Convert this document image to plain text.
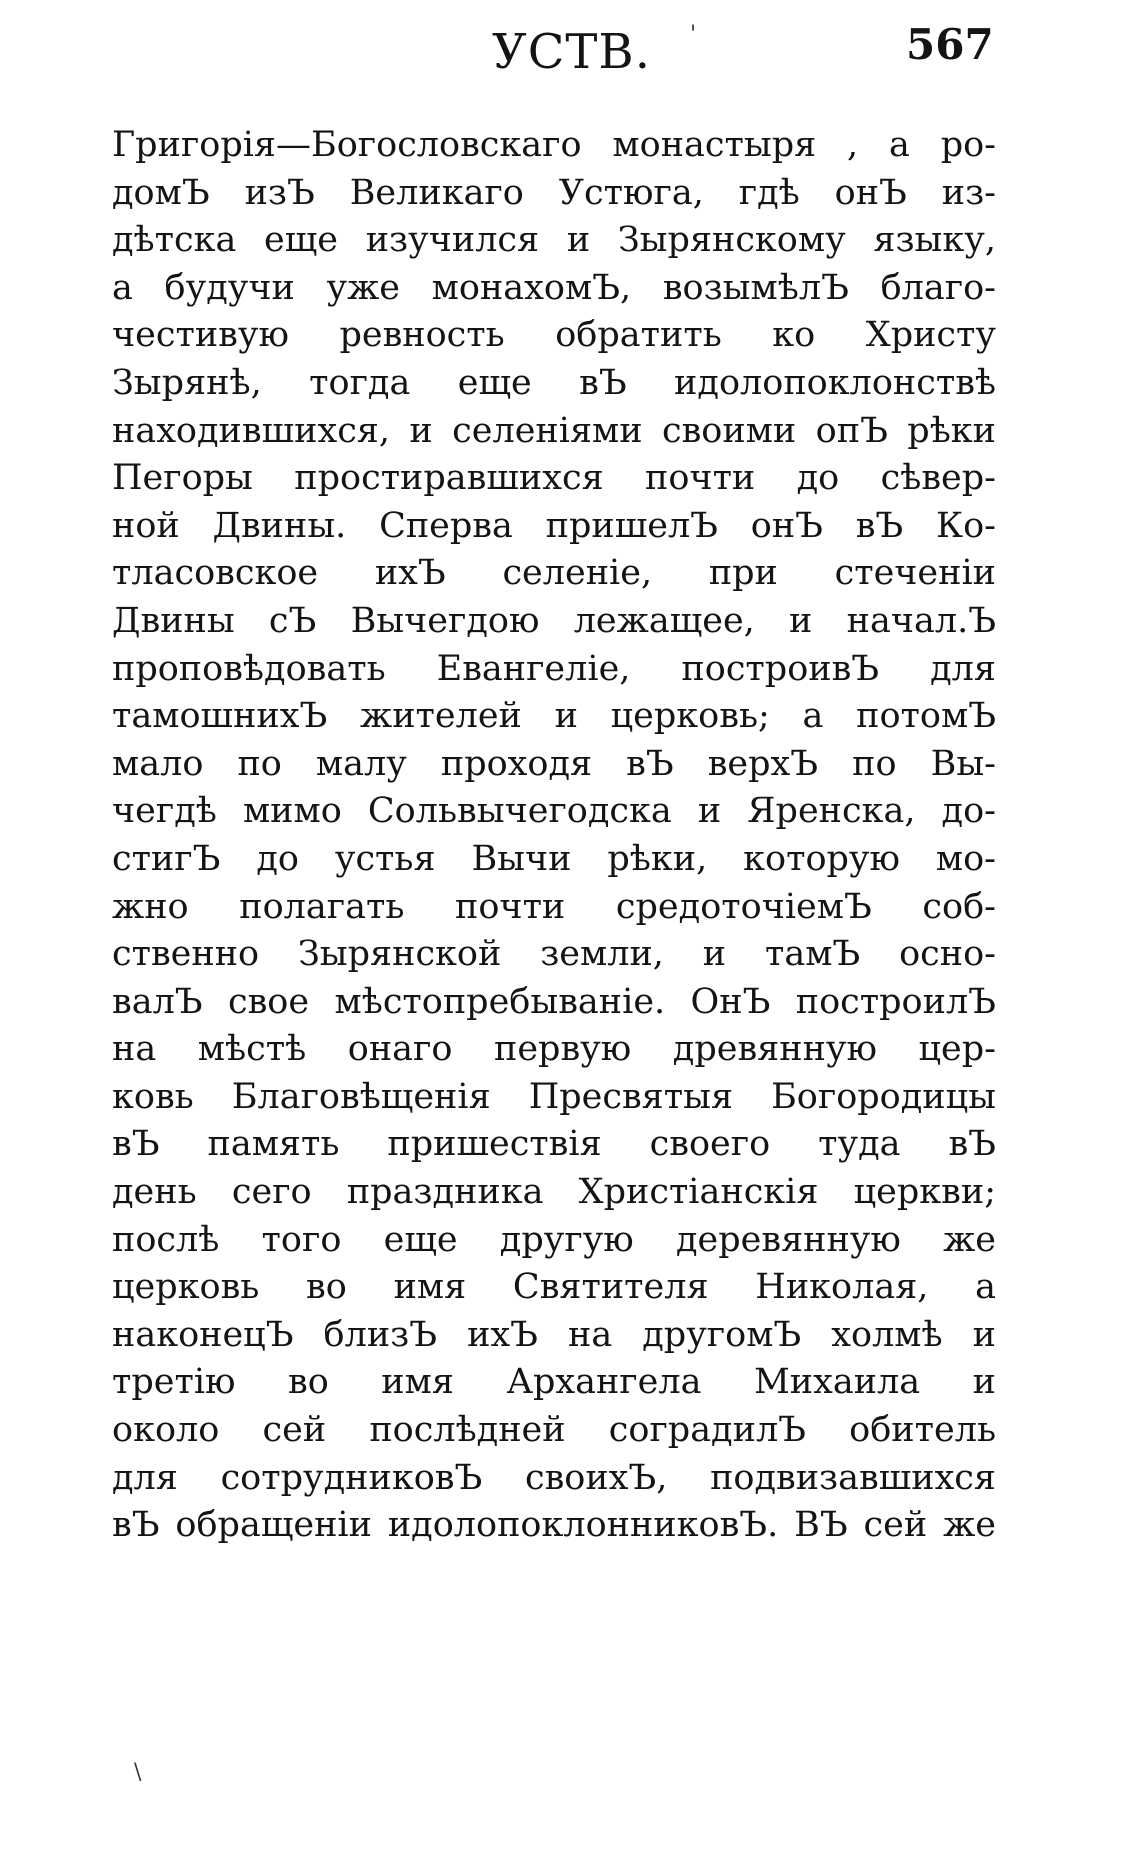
УСТВ.	567
Григорія—Богословскаго монастыря , а ро-
домЪ изЪ Великаго Устюга, гдѣ онЪ из-
дѣтска еще изучился и Зырянскому языку,
а будучи уже монахомЪ, возымѣлЪ благо-
честивую ревность обратить ко Христу
Зырянѣ, тогда еще вЪ идолопоклонствѣ
находившихся, и селеніями своими опЪ рѣки
Пегоры простиравшихся почти до сѣвер-
ной Двины. Сперва пришелЪ онЪ вЪ Ко-
тласовское ихЪ селеніе, при стеченіи
Двины сЪ Вычегдою лежащее, и начал.Ъ
проповѣдовать Евангеліе, построивЪ для
тамошнихЪ жителей и церковь; а потомЪ
мало по малу проходя вЪ верхЪ по Вы-
чегдѣ мимо Сольвычегодска и Яренска, до-
стигЪ до устья Вычи рѣки, которую мо-
жно полагать почти средоточіемЪ соб-
ственно Зырянской земли, и тамЪ осно-
валЪ свое мѣстопребываніе. ОнЪ построилЪ
на мѣстѣ онаго первую древянную цер-
ковь Благовѣщенія Пресвятыя Богородицы
вЪ память пришествія своего туда вЪ
день сего праздника Христіанскія церкви;
послѣ того еще другую деревянную же
церковь во имя Святителя Николая, а
наконецЪ близЪ ихЪ на другомЪ холмѣ и
третію во имя Архангела Михаила и
около сей послѣдней соградилЪ обитель
для сотрудниковЪ своихЪ, подвизавшихся
вЪ обращеніи идолопоклонниковЪ. ВЪ сей же
'
\
